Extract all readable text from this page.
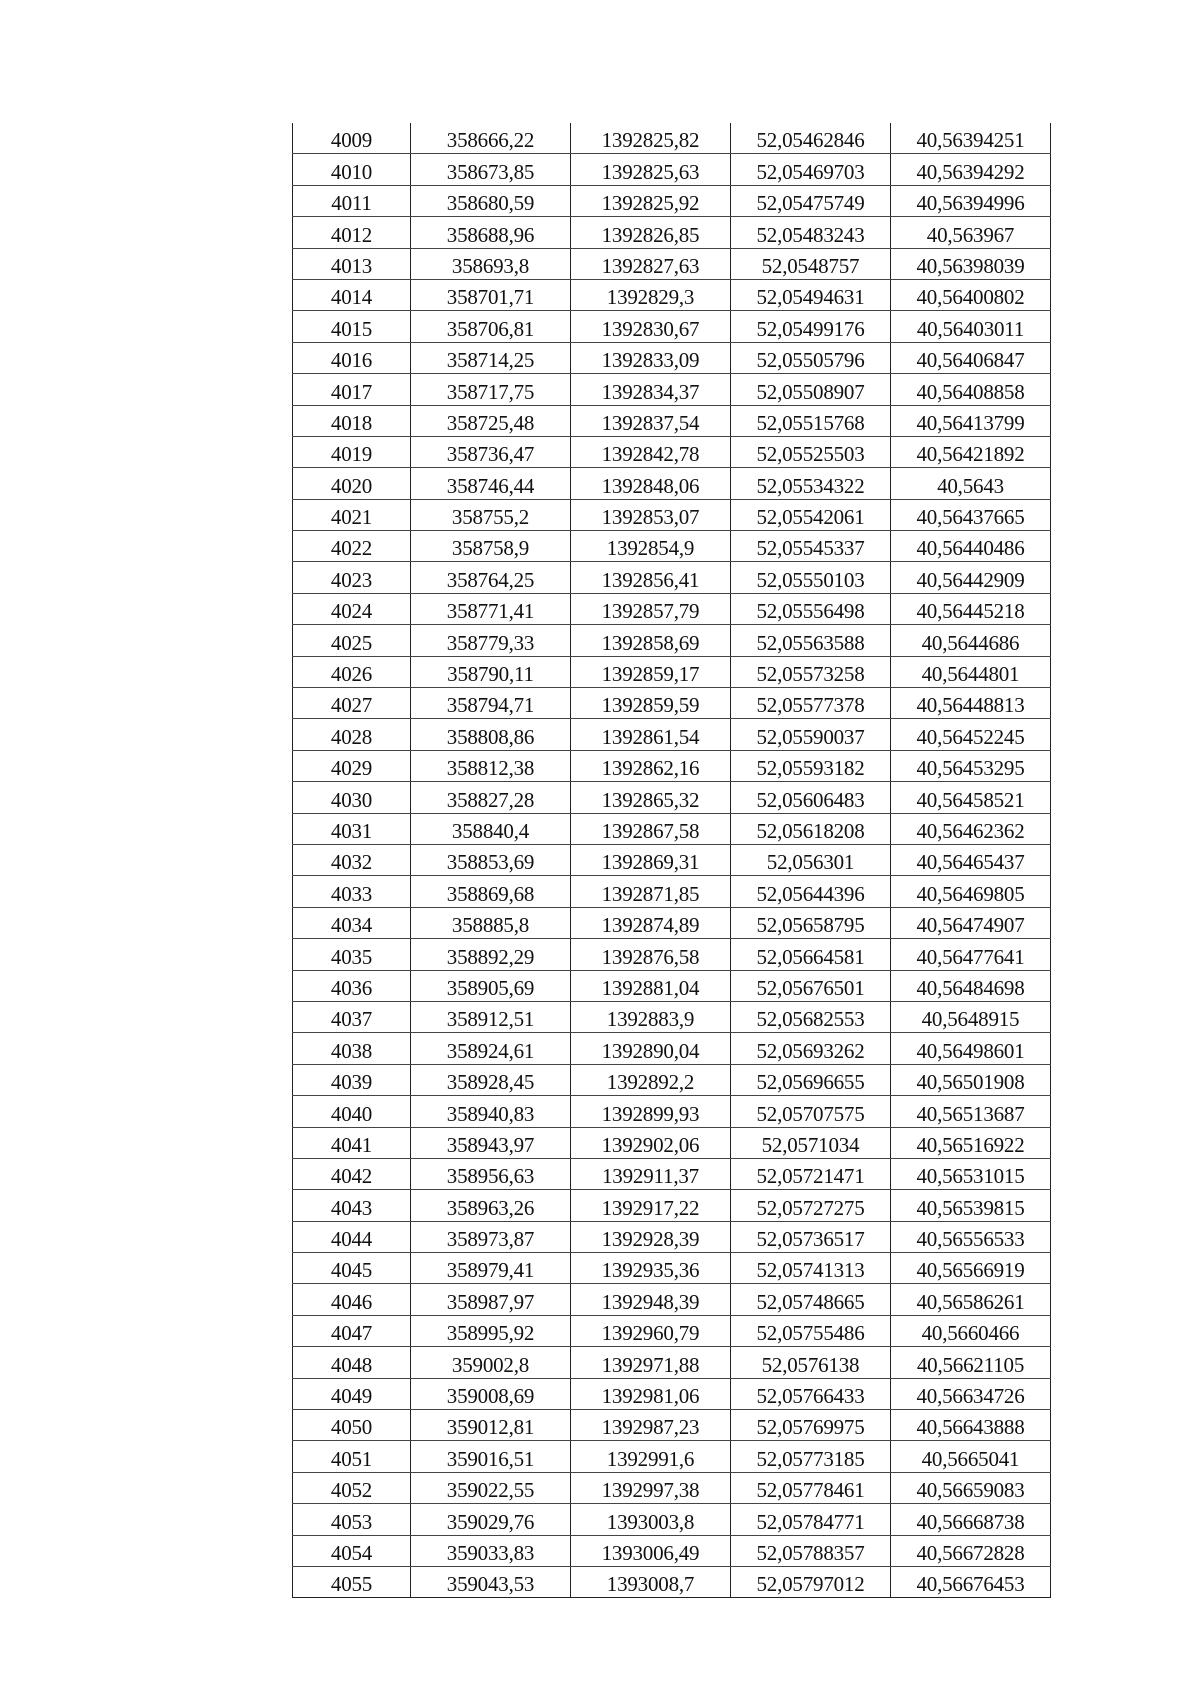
4009	358666,22	1392825,82	52,05462846	40,56394251
4010	358673,85	1392825,63	52,05469703	40,56394292
4011	358680,59	1392825,92	52,05475749	40,56394996
4012	358688,96	1392826,85	52,05483243	40,563967
4013	358693,8	1392827,63	52,0548757	40,56398039
4014	358701,71	1392829,3	52,05494631	40,56400802
4015	358706,81	1392830,67	52,05499176	40,56403011
4016	358714,25	1392833,09	52,05505796	40,56406847
4017	358717,75	1392834,37	52,05508907	40,56408858
4018	358725,48	1392837,54	52,05515768	40,56413799
4019	358736,47	1392842,78	52,05525503	40,56421892
4020	358746,44	1392848,06	52,05534322	40,5643
4021	358755,2	1392853,07	52,05542061	40,56437665
4022	358758,9	1392854,9	52,05545337	40,56440486
4023	358764,25	1392856,41	52,05550103	40,56442909
4024	358771,41	1392857,79	52,05556498	40,56445218
4025	358779,33	1392858,69	52,05563588	40,5644686
4026	358790,11	1392859,17	52,05573258	40,5644801
4027	358794,71	1392859,59	52,05577378	40,56448813
4028	358808,86	1392861,54	52,05590037	40,56452245
4029	358812,38	1392862,16	52,05593182	40,56453295
4030	358827,28	1392865,32	52,05606483	40,56458521
4031	358840,4	1392867,58	52,05618208	40,56462362
4032	358853,69	1392869,31	52,056301	40,56465437
4033	358869,68	1392871,85	52,05644396	40,56469805
4034	358885,8	1392874,89	52,05658795	40,56474907
4035	358892,29	1392876,58	52,05664581	40,56477641
4036	358905,69	1392881,04	52,05676501	40,56484698
4037	358912,51	1392883,9	52,05682553	40,5648915
4038	358924,61	1392890,04	52,05693262	40,56498601
4039	358928,45	1392892,2	52,05696655	40,56501908
4040	358940,83	1392899,93	52,05707575	40,56513687
4041	358943,97	1392902,06	52,0571034	40,56516922
4042	358956,63	1392911,37	52,05721471	40,56531015
4043	358963,26	1392917,22	52,05727275	40,56539815
4044	358973,87	1392928,39	52,05736517	40,56556533
4045	358979,41	1392935,36	52,05741313	40,56566919
4046	358987,97	1392948,39	52,05748665	40,56586261
4047	358995,92	1392960,79	52,05755486	40,5660466
4048	359002,8	1392971,88	52,0576138	40,56621105
4049	359008,69	1392981,06	52,05766433	40,56634726
4050	359012,81	1392987,23	52,05769975	40,56643888
4051	359016,51	1392991,6	52,05773185	40,5665041
4052	359022,55	1392997,38	52,05778461	40,56659083
4053	359029,76	1393003,8	52,05784771	40,56668738
4054	359033,83	1393006,49	52,05788357	40,56672828
4055	359043,53	1393008,7	52,05797012	40,56676453
